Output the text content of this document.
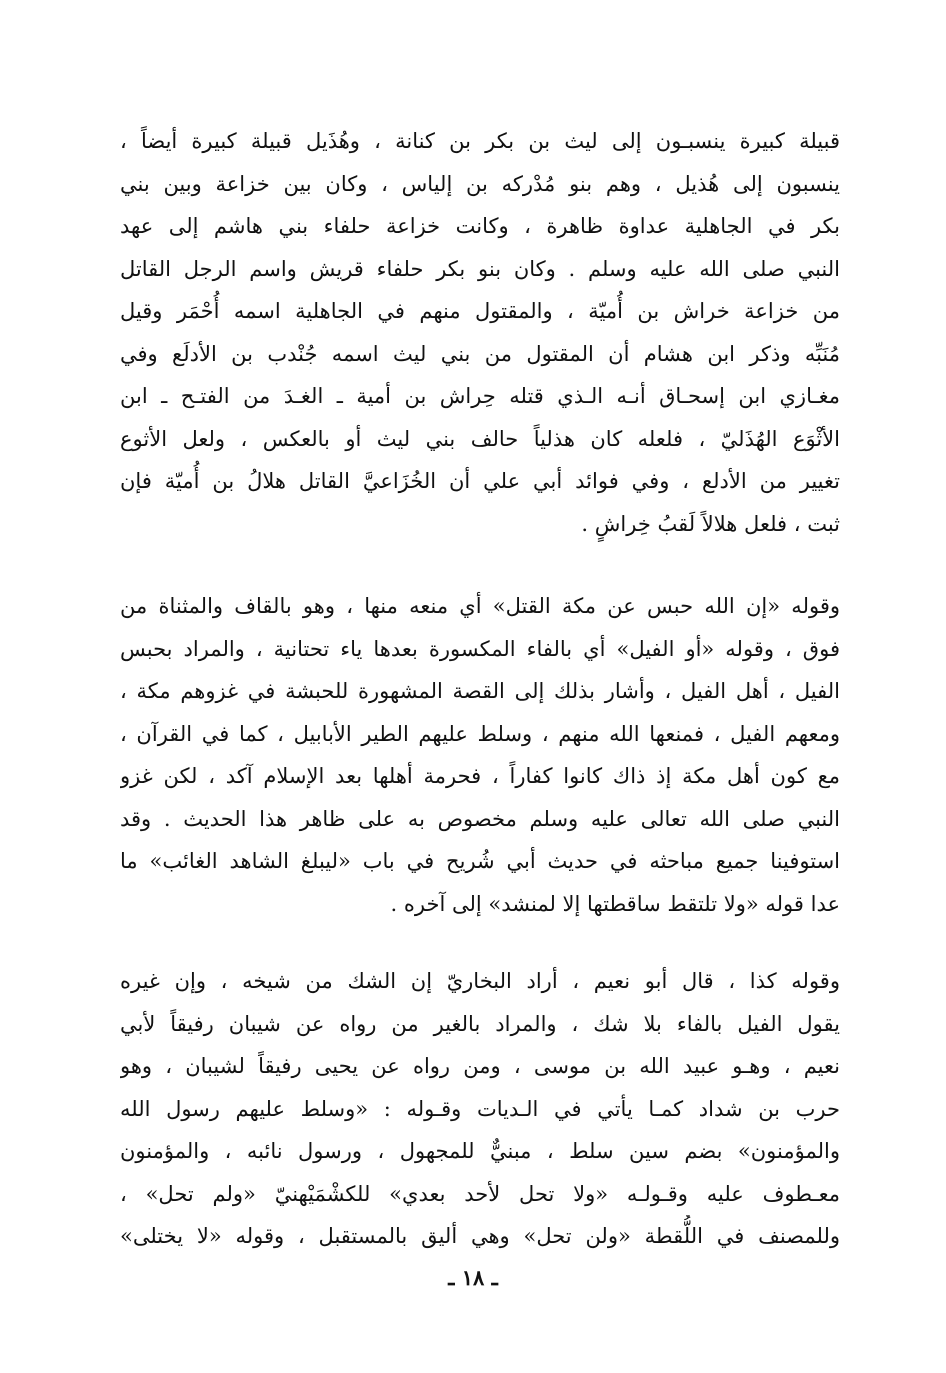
قبيلة كبيرة ينسبـون إلى ليث بن بكر بن كنانة ، وهُذَيل قبيلة كبيرة أيضاً ،
ينسبون إلى هُذيل ، وهم بنو مُدْركه بن إلياس ، وكان بين خزاعة وبين بني
بكر في الجاهلية عداوة ظاهرة ، وكانت خزاعة حلفاء بني هاشم إلى عهد
النبي صلى الله عليه وسلم . وكان بنو بكر حلفاء قريش واسم الرجل القاتل
من خزاعة خراش بن أُميّة ، والمقتول منهم في الجاهلية اسمه أُحْمَر وقيل
مُنَبِّه وذكر ابن هشام أن المقتول من بني ليث اسمه جُنْدب بن الأدلَع وفي
مغـازي ابن إسحـاق أنـه الـذي قتله حِراش بن أمية ـ الغـدَ من الفتـح ـ ابن
الأثْوَع الهُذَليّ ، فلعله كان هذلياً حالف بني ليث أو بالعكس ، ولعل الأثوع
تغيير من الأدلع ، وفي فوائد أبي علي أن الخُزَاعيَّ القاتل هلالُ بن أُميّة فإن
ثبت ، فلعل هلالاً لَقبُ خِراشٍ .
وقوله «إن الله حبس عن مكة القتل» أي منعه منها ، وهو بالقاف والمثناة من
فوق ، وقوله «أو الفيل» أي بالفاء المكسورة بعدها ياء تحتانية ، والمراد بحبس
الفيل ، أهل الفيل ، وأشار بذلك إلى القصة المشهورة للحبشة في غزوهم مكة ،
ومعهم الفيل ، فمنعها الله منهم ، وسلط عليهم الطير الأبابيل ، كما في القرآن ،
مع كون أهل مكة إذ ذاك كانوا كفاراً ، فحرمة أهلها بعد الإسلام آكد ، لكن غزو
النبي صلى الله تعالى عليه وسلم مخصوص به على ظاهر هذا الحديث . وقد
استوفينا جميع مباحثه في حديث أبي شُريح في باب «ليبلغ الشاهد الغائب» ما
عدا قوله «ولا تلتقط ساقطتها إلا لمنشد» إلى آخره .
وقوله كذا ، قال أبو نعيم ، أراد البخاريّ إن الشك من شيخه ، وإن غيره
يقول الفيل بالفاء بلا شك ، والمراد بالغير من رواه عن شيبان رفيقاً لأبي
نعيم ، وهـو عبيد الله بن موسى ، ومن رواه عن يحيى رفيقاً لشيبان ، وهو
حرب بن شداد كمـا يأتي في الـديات وقـوله : «وسلط عليهم رسول الله
والمؤمنون» بضم سين سلط ، مبنيٌّ للمجهول ، ورسول نائبه ، والمؤمنون
معـطوف عليه وقـولـه «ولا تحل لأحد بعدي» للكشْمَيْهنيّ «ولم تحل» ،
وللمصنف في اللُّقطة «ولن تحل» وهي أليق بالمستقبل ، وقوله «لا يختلى»
ـ ١٨ ـ
